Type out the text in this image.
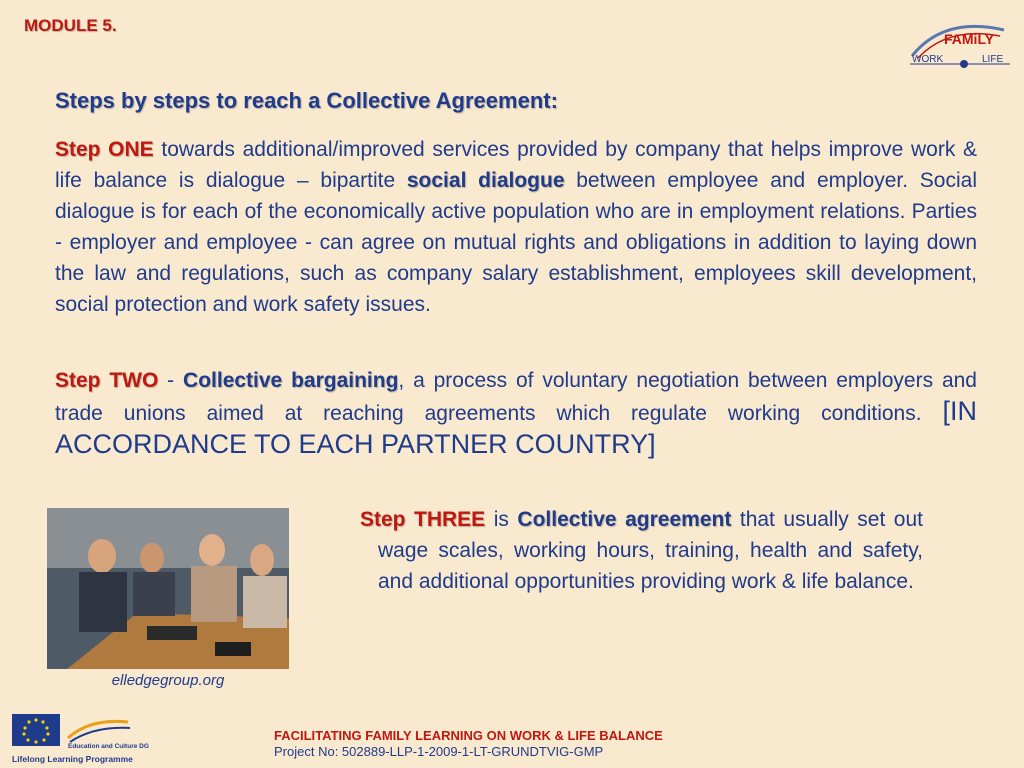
MODULE 5.
FAMiLY
WORK	LIFE
Steps by steps to reach a Collective Agreement:
Step ONE towards additional/improved services provided by company that helps improve work & life balance is dialogue – bipartite social dialogue between employee and employer. Social dialogue is for each of the economically active population who are in employment relations. Parties - employer and employee - can agree on mutual rights and obligations in addition to laying down the law and regulations, such as company salary establishment, employees skill development, social protection and work safety issues.
Step TWO - Collective bargaining, a process of voluntary negotiation between employers and trade unions aimed at reaching agreements which regulate working conditions. [IN ACCORDANCE TO EACH PARTNER COUNTRY]
elledgegroup.org
Step THREE is Collective agreement that usually set out wage scales, working hours, training, health and safety, and additional opportunities providing work & life balance.
Education and Culture DG
Lifelong Learning Programme
FACILITATING FAMILY LEARNING ON WORK & LIFE BALANCE
Project No: 502889-LLP-1-2009-1-LT-GRUNDTVIG-GMP
